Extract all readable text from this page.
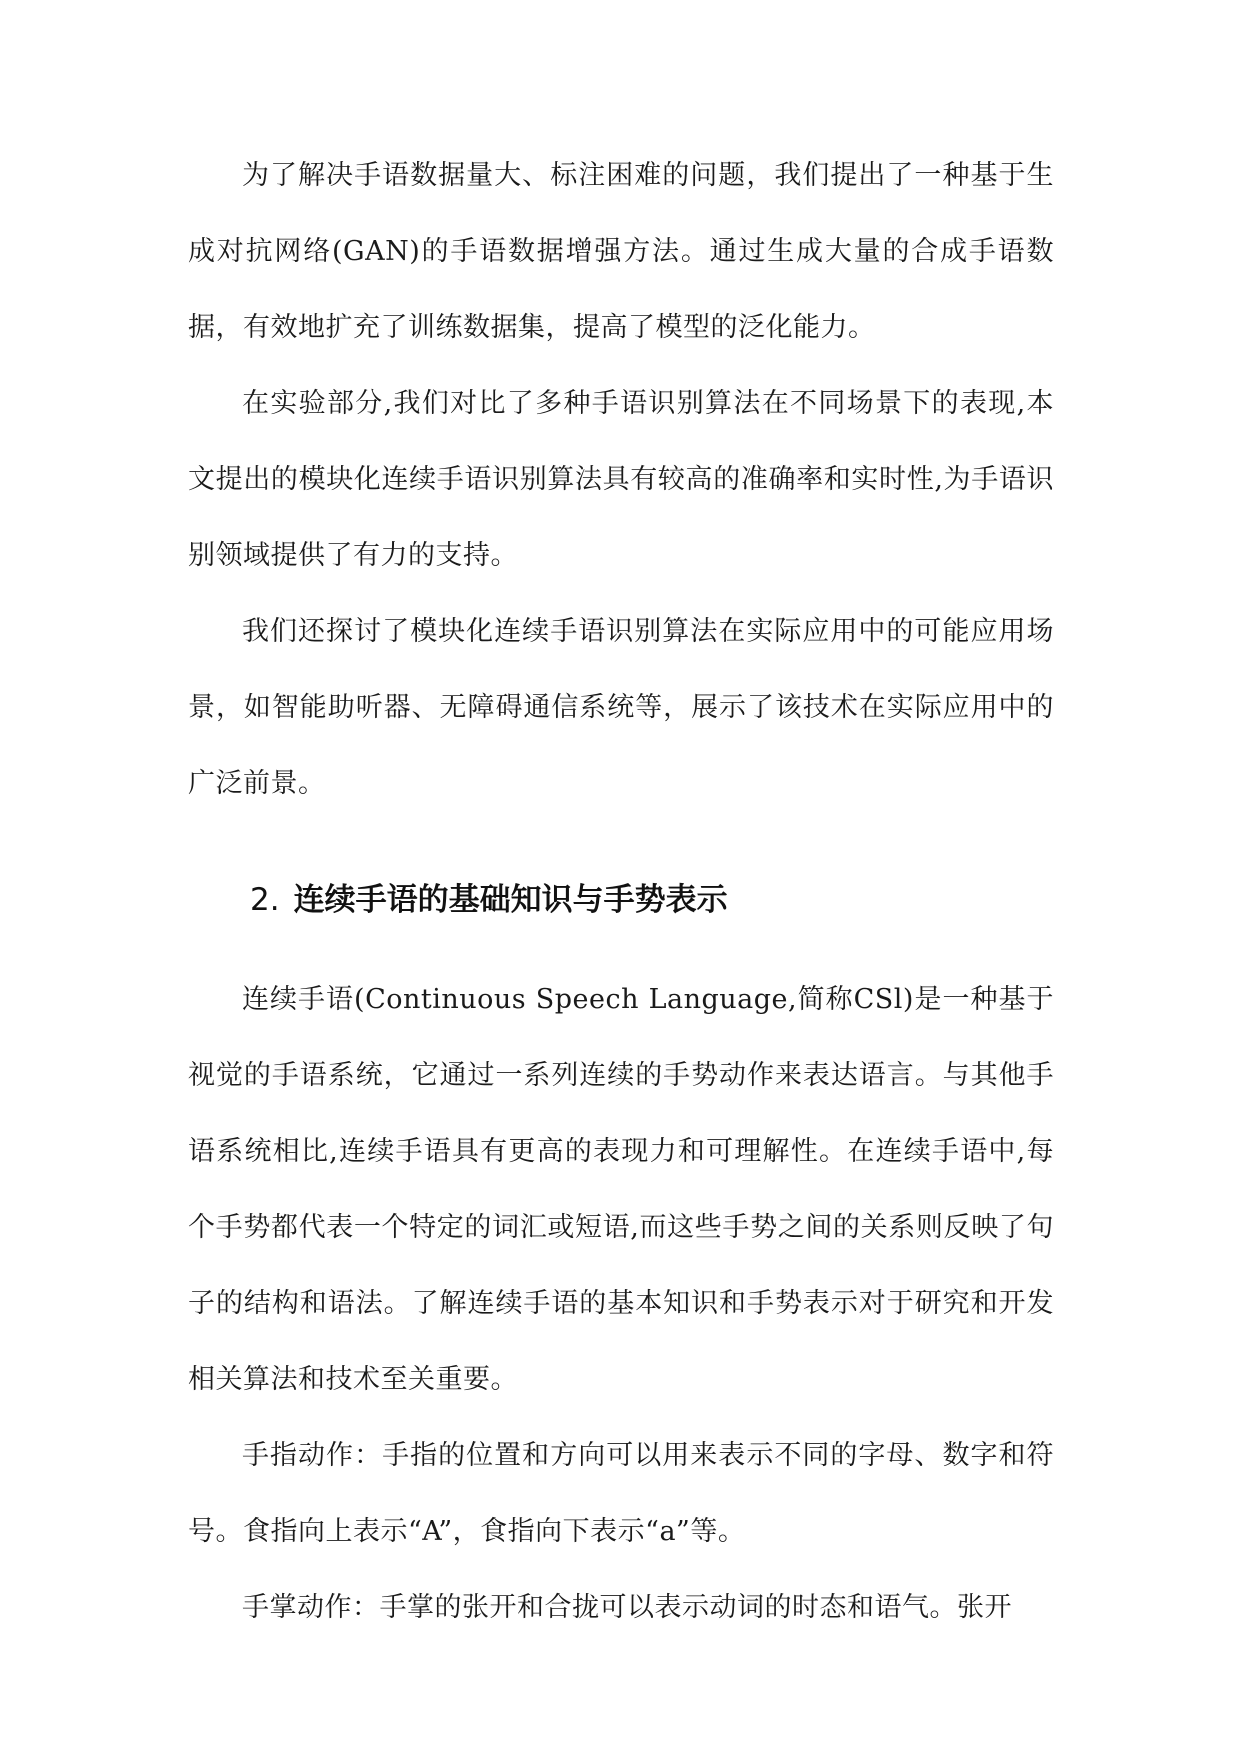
为了解决手语数据量大、标注困难的问题，我们提出了一种基于生成对抗网络(GAN)的手语数据增强方法。通过生成大量的合成手语数据，有效地扩充了训练数据集，提高了模型的泛化能力。

在实验部分,我们对比了多种手语识别算法在不同场景下的表现,本文提出的模块化连续手语识别算法具有较高的准确率和实时性,为手语识别领域提供了有力的支持。

我们还探讨了模块化连续手语识别算法在实际应用中的可能应用场景，如智能助听器、无障碍通信系统等，展示了该技术在实际应用中的广泛前景。

2. 连续手语的基础知识与手势表示

连续手语(Continuous Speech Language,简称CSl)是一种基于视觉的手语系统，它通过一系列连续的手势动作来表达语言。与其他手语系统相比,连续手语具有更高的表现力和可理解性。在连续手语中,每个手势都代表一个特定的词汇或短语,而这些手势之间的关系则反映了句子的结构和语法。了解连续手语的基本知识和手势表示对于研究和开发相关算法和技术至关重要。

手指动作：手指的位置和方向可以用来表示不同的字母、数字和符号。食指向上表示“A”，食指向下表示“a”等。

手掌动作：手掌的张开和合拢可以表示动词的时态和语气。张开
